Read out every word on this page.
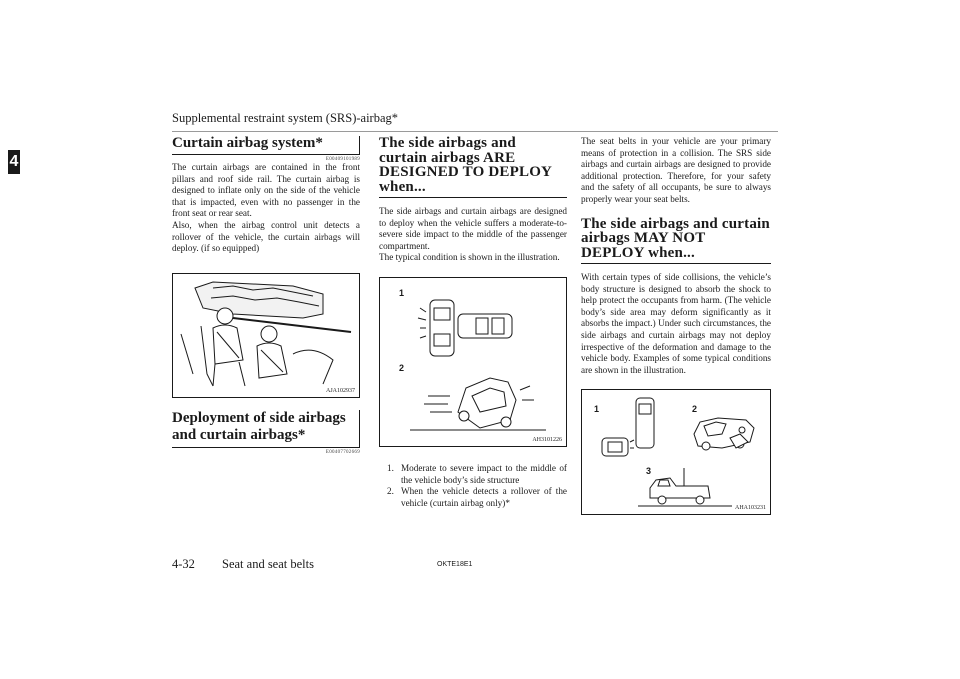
Supplemental restraint system (SRS)-airbag*
4
Curtain airbag system*
E00409101989

The curtain airbags are contained in the front pillars and roof side rail. The curtain airbag is designed to inflate only on the side of the vehicle that is impacted, even with no passenger in the front seat or rear seat.

Also, when the airbag control unit detects a rollover of the vehicle, the curtain airbags will deploy. (if so equipped)

AJA102937
Deployment of side airbags and curtain airbags*
E00407702669
The side airbags and curtain airbags ARE DESIGNED TO DEPLOY when...

The side airbags and curtain airbags are designed to deploy when the vehicle suffers a moderate-to-severe side impact to the middle of the passenger compartment.

The typical condition is shown in the illustration.

1
2
AH3101226
1. Moderate to severe impact to the middle of the vehicle body’s side structure
2. When the vehicle detects a rollover of the vehicle (curtain airbag only)*

The seat belts in your vehicle are your primary means of protection in a collision. The SRS side airbags and curtain airbags are designed to provide additional protection. Therefore, for your safety and the safety of all occupants, be sure to always properly wear your seat belts.

The side airbags and curtain airbags MAY NOT DEPLOY when...

With certain types of side collisions, the vehicle’s body structure is designed to absorb the shock to help protect the occupants from harm. (The vehicle body’s side area may deform significantly as it absorbs the impact.) Under such circumstances, the side airbags and curtain airbags may not deploy irrespective of the deformation and damage to the vehicle body. Examples of some typical conditions are shown in the illustration.

1	2
3
AHA103231
4-32 Seat and seat belts	OKTE18E1
